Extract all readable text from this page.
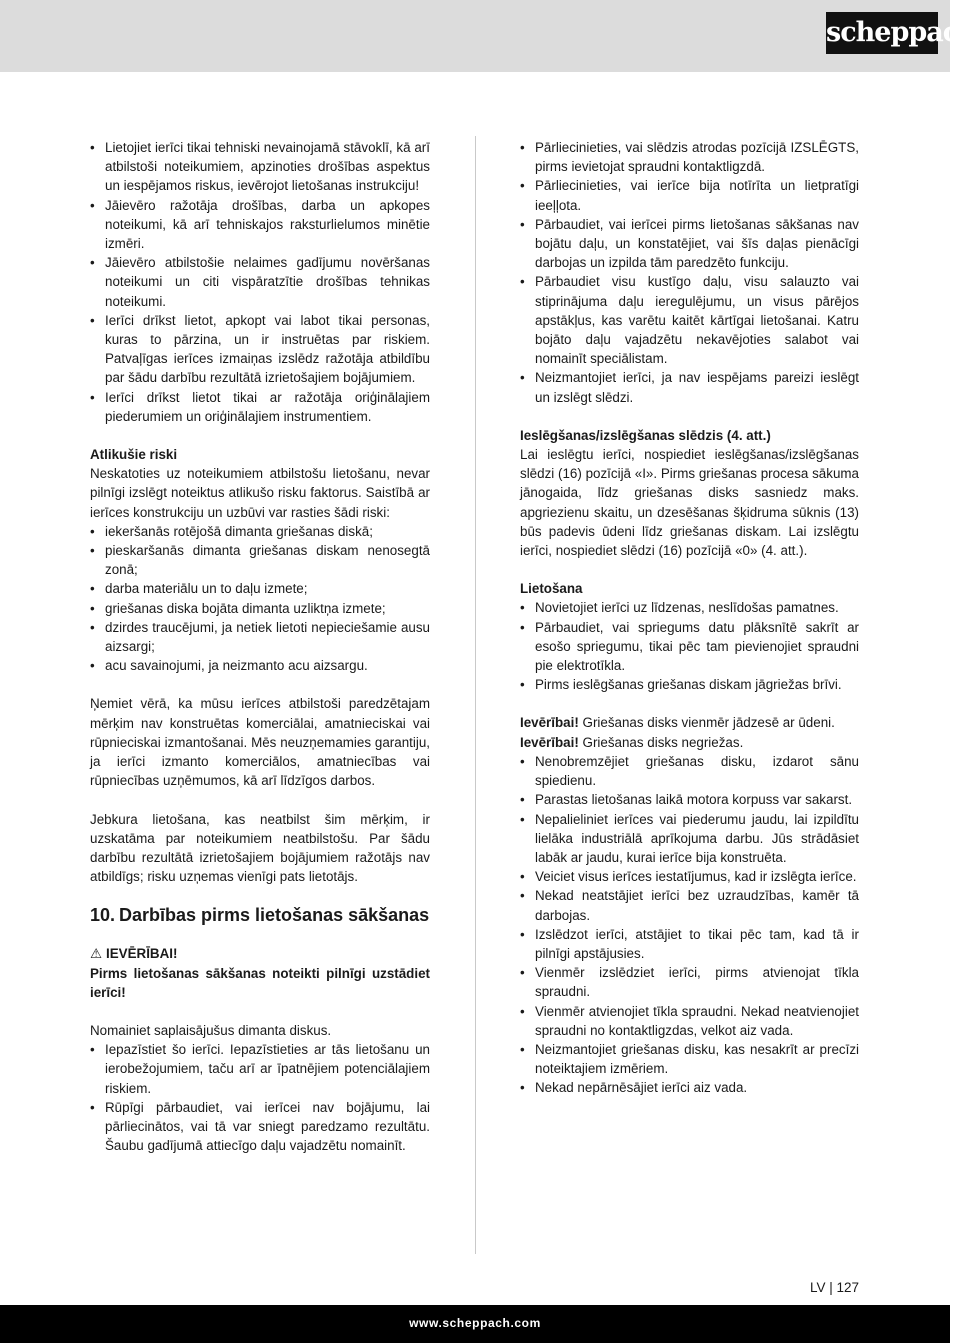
scheppach
• Lietojiet ierīci tikai tehniski nevainojamā stāvoklī, kā arī atbilstoši noteikumiem, apzinoties drošības aspektus un iespējamos riskus, ievērojot lietošanas instrukciju!
• Jāievēro ražotāja drošības, darba un apkopes noteikumi, kā arī tehniskajos raksturlielumos minētie izmēri.
• Jāievēro atbilstošie nelaimes gadījumu novēršanas noteikumi un citi vispāratzītie drošības tehnikas noteikumi.
• Ierīci drīkst lietot, apkopt vai labot tikai personas, kuras to pārzina, un ir instruētas par riskiem. Patvaļīgas ierīces izmaiņas izslēdz ražotāja atbildību par šādu darbību rezultātā izrietošajiem bojājumiem.
• Ierīci drīkst lietot tikai ar ražotāja oriģinālajiem piederumiem un oriģinālajiem instrumentiem.

Atlikušie riski

Neskatoties uz noteikumiem atbilstošu lietošanu, nevar pilnīgi izslēgt noteiktus atlikušo risku faktorus. Saistībā ar ierīces konstrukciju un uzbūvi var rasties šādi riski:

• iekeršanās rotējošā dimanta griešanas diskā;
• pieskaršanās dimanta griešanas diskam nenosegtā zonā;
• darba materiālu un to daļu izmete;
• griešanas diska bojāta dimanta uzliktņa izmete;
• dzirdes traucējumi, ja netiek lietoti nepieciešamie ausu aizsargi;
• acu savainojumi, ja neizmanto acu aizsargu.

Ņemiet vērā, ka mūsu ierīces atbilstoši paredzētajam mērķim nav konstruētas komerciālai, amatnieciskai vai rūpnieciskai izmantošanai. Mēs neuzņemamies garantiju, ja ierīci izmanto komerciālos, amatniecības vai rūpniecības uzņēmumos, kā arī līdzīgos darbos.

Jebkura lietošana, kas neatbilst šim mērķim, ir uzskatāma par noteikumiem neatbilstošu. Par šādu darbību rezultātā izrietošajiem bojājumiem ražotājs nav atbildīgs; risku uzņemas vienīgi pats lietotājs.

10. Darbības pirms lietošanas sākšanas

⚠ IEVĒRĪBAI!

Pirms lietošanas sākšanas noteikti pilnīgi uzstādiet ierīci!

Nomainiet saplaisājušus dimanta diskus.

• Iepazīstiet šo ierīci. Iepazīstieties ar tās lietošanu un ierobežojumiem, taču arī ar īpatnējiem potenciālajiem riskiem.
• Rūpīgi pārbaudiet, vai ierīcei nav bojājumu, lai pārliecinātos, vai tā var sniegt paredzamo rezultātu. Šaubu gadījumā attiecīgo daļu vajadzētu nomainīt.
• Pārliecinieties, vai slēdzis atrodas pozīcijā IZSLĒGTS, pirms ievietojat spraudni kontaktligzdā.
• Pārliecinieties, vai ierīce bija notīrīta un lietpratīgi ieeļļota.
• Pārbaudiet, vai ierīcei pirms lietošanas sākšanas nav bojātu daļu, un konstatējiet, vai šīs daļas pienācīgi darbojas un izpilda tām paredzēto funkciju.
• Pārbaudiet visu kustīgo daļu, visu salauzto vai stiprinājuma daļu ieregulējumu, un visus pārējos apstākļus, kas varētu kaitēt kārtīgai lietošanai. Katru bojāto daļu vajadzētu nekavējoties salabot vai nomainīt speciālistam.
• Neizmantojiet ierīci, ja nav iespējams pareizi ieslēgt un izslēgt slēdzi.

Ieslēgšanas/izslēgšanas slēdzis (4. att.)

Lai ieslēgtu ierīci, nospiediet ieslēgšanas/izslēgšanas slēdzi (16) pozīcijā «I». Pirms griešanas procesa sākuma jānogaida, līdz griešanas disks sasniedz maks. apgriezienu skaitu, un dzesēšanas šķidruma sūknis (13) būs padevis ūdeni līdz griešanas diskam. Lai izslēgtu ierīci, nospiediet slēdzi (16) pozīcijā «0» (4. att.).

Lietošana

• Novietojiet ierīci uz līdzenas, neslīdošas pamatnes.
• Pārbaudiet, vai spriegums datu plāksnītē sakrīt ar esošo spriegumu, tikai pēc tam pievienojiet spraudni pie elektrotīkla.
• Pirms ieslēgšanas griešanas diskam jāgriežas brīvi.

Ievērībai! Griešanas disks vienmēr jādzesē ar ūdeni.

Ievērībai! Griešanas disks negriežas.

• Nenobremzējiet griešanas disku, izdarot sānu spiedienu.
• Parastas lietošanas laikā motora korpuss var sakarst.
• Nepalieliniet ierīces vai piederumu jaudu, lai izpildītu lielāka industriālā aprīkojuma darbu. Jūs strādāsiet labāk ar jaudu, kurai ierīce bija konstruēta.
• Veiciet visus ierīces iestatījumus, kad ir izslēgta ierīce.
• Nekad neatstājiet ierīci bez uzraudzības, kamēr tā darbojas.
• Izslēdzot ierīci, atstājiet to tikai pēc tam, kad tā ir pilnīgi apstājusies.
• Vienmēr izslēdziet ierīci, pirms atvienojat tīkla spraudni.
• Vienmēr atvienojiet tīkla spraudni. Nekad neatvienojiet spraudni no kontaktligzdas, velkot aiz vada.
• Neizmantojiet griešanas disku, kas nesakrīt ar precīzi noteiktajiem izmēriem.
• Nekad nepārnēsājiet ierīci aiz vada.
LV | 127
www.scheppach.com
